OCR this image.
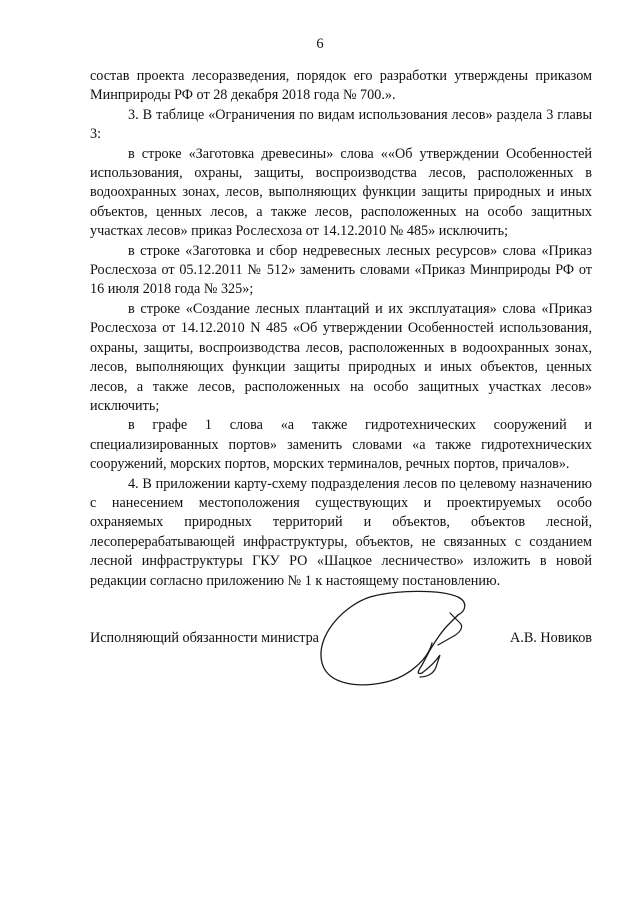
6

состав проекта лесоразведения, порядок его разработки утверждены приказом Минприроды РФ от 28 декабря 2018 года № 700.».

3. В таблице «Ограничения по видам использования лесов» раздела 3 главы 3:

в строке «Заготовка древесины» слова ««Об утверждении Особенностей использования, охраны, защиты, воспроизводства лесов, расположенных в водоохранных зонах, лесов, выполняющих функции защиты природных и иных объектов, ценных лесов, а также лесов, расположенных на особо защитных участках лесов» приказ Рослесхоза от 14.12.2010 № 485» исключить;

в строке «Заготовка и сбор недревесных лесных ресурсов» слова «Приказ Рослесхоза от 05.12.2011 № 512» заменить словами «Приказ Минприроды РФ от 16 июля 2018 года № 325»;

в строке «Создание лесных плантаций и их эксплуатация» слова «Приказ Рослесхоза от 14.12.2010 N 485 «Об утверждении Особенностей использования, охраны, защиты, воспроизводства лесов, расположенных в водоохранных зонах, лесов, выполняющих функции защиты природных и иных объектов, ценных лесов, а также лесов, расположенных на особо защитных участках лесов» исключить;

в графе 1 слова «а также гидротехнических сооружений и специализированных портов» заменить словами «а также гидротехнических сооружений, морских портов, морских терминалов, речных портов, причалов».

4. В приложении карту-схему подразделения лесов по целевому назначению с нанесением местоположения существующих и проектируемых особо охраняемых природных территорий и объектов, объектов лесной, лесоперерабатывающей инфраструктуры, объектов, не связанных с созданием лесной инфраструктуры ГКУ РО «Шацкое лесничество» изложить в новой редакции согласно приложению № 1 к настоящему постановлению.

Исполняющий обязанности министра	А.В. Новиков
